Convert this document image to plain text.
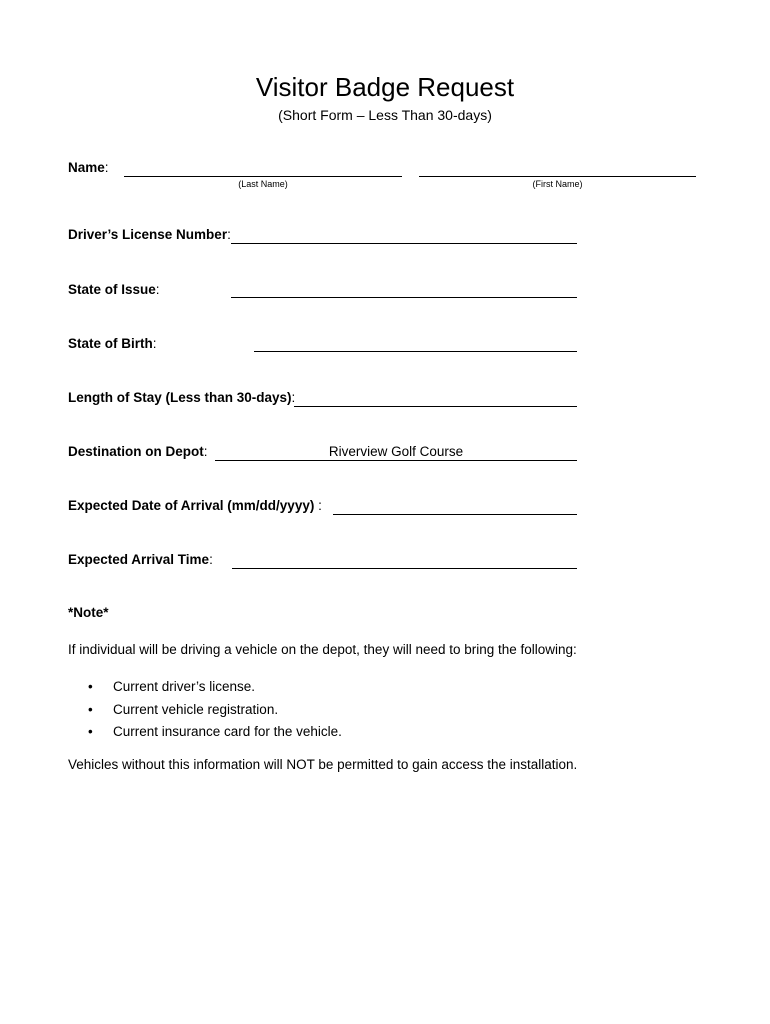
Visitor Badge Request
(Short Form – Less Than 30-days)
Name:
(Last Name)	(First Name)
Driver’s License Number:
State of Issue:
State of Birth:
Length of Stay (Less than 30-days):
Destination on Depot:	Riverview Golf Course
Expected Date of Arrival (mm/dd/yyyy) :
Expected Arrival Time:
*Note*
If individual will be driving a vehicle on the depot, they will need to bring the following:
• Current driver’s license.
• Current vehicle registration.
• Current insurance card for the vehicle.
Vehicles without this information will NOT be permitted to gain access the installation.
